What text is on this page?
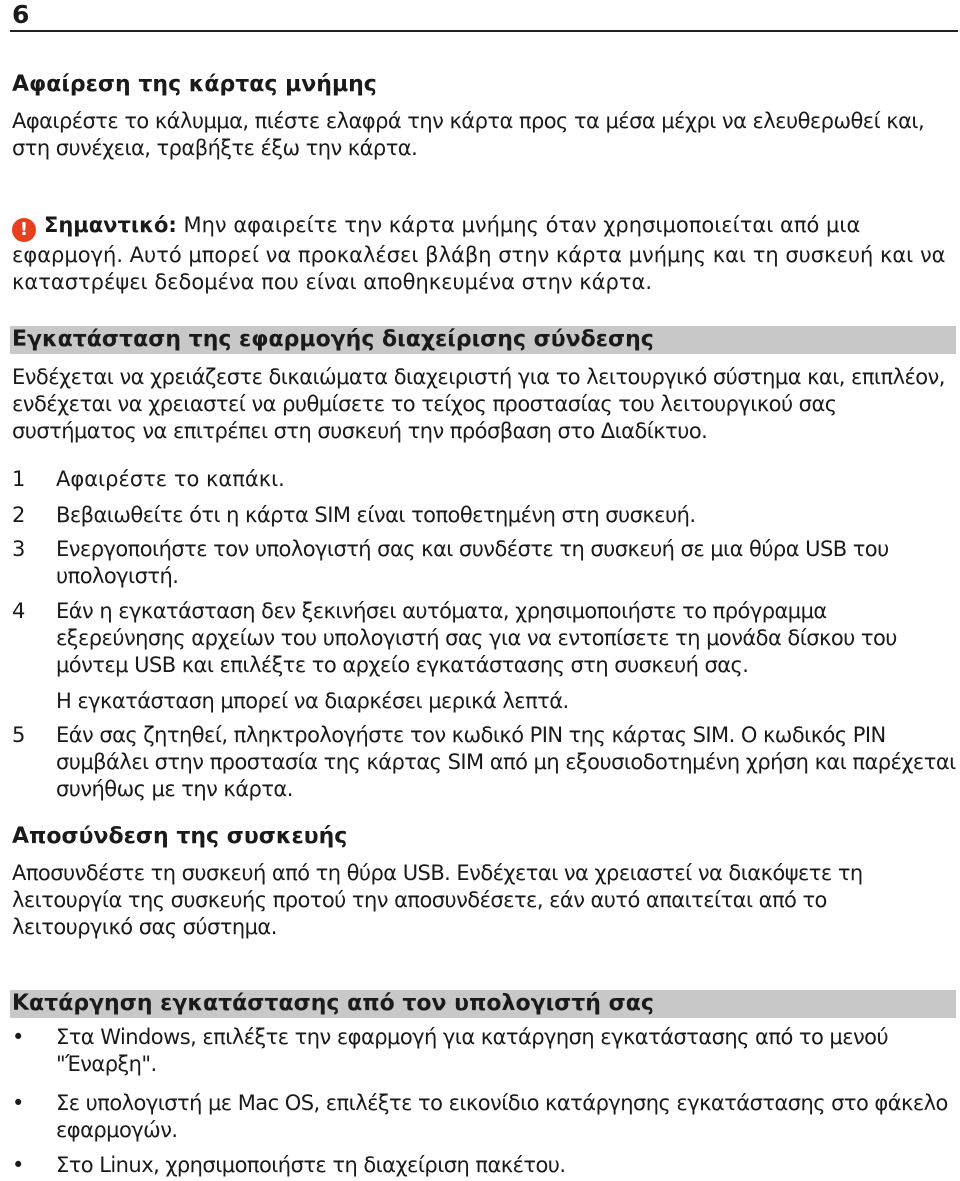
6
Αφαίρεση της κάρτας μνήμης
Αφαιρέστε το κάλυμμα, πιέστε ελαφρά την κάρτα προς τα μέσα μέχρι να ελευθερωθεί και, στη συνέχεια, τραβήξτε έξω την κάρτα.
! Σημαντικό: Μην αφαιρείτε την κάρτα μνήμης όταν χρησιμοποιείται από μια εφαρμογή. Αυτό μπορεί να προκαλέσει βλάβη στην κάρτα μνήμης και τη συσκευή και να καταστρέψει δεδομένα που είναι αποθηκευμένα στην κάρτα.
Εγκατάσταση της εφαρμογής διαχείρισης σύνδεσης
Ενδέχεται να χρειάζεστε δικαιώματα διαχειριστή για το λειτουργικό σύστημα και, επιπλέον, ενδέχεται να χρειαστεί να ρυθμίσετε το τείχος προστασίας του λειτουργικού σας συστήματος να επιτρέπει στη συσκευή την πρόσβαση στο Διαδίκτυο.
1	Αφαιρέστε το καπάκι.
2	Βεβαιωθείτε ότι η κάρτα SIM είναι τοποθετημένη στη συσκευή.
3	Ενεργοποιήστε τον υπολογιστή σας και συνδέστε τη συσκευή σε μια θύρα USB του υπολογιστή.
4	Εάν η εγκατάσταση δεν ξεκινήσει αυτόματα, χρησιμοποιήστε το πρόγραμμα εξερεύνησης αρχείων του υπολογιστή σας για να εντοπίσετε τη μονάδα δίσκου του μόντεμ USB και επιλέξτε το αρχείο εγκατάστασης στη συσκευή σας.
Η εγκατάσταση μπορεί να διαρκέσει μερικά λεπτά.
5	Εάν σας ζητηθεί, πληκτρολογήστε τον κωδικό PIN της κάρτας SIM. Ο κωδικός PIN συμβάλει στην προστασία της κάρτας SIM από μη εξουσιοδοτημένη χρήση και παρέχεται συνήθως με την κάρτα.
Αποσύνδεση της συσκευής
Αποσυνδέστε τη συσκευή από τη θύρα USB. Ενδέχεται να χρειαστεί να διακόψετε τη λειτουργία της συσκευής προτού την αποσυνδέσετε, εάν αυτό απαιτείται από το λειτουργικό σας σύστημα.
Κατάργηση εγκατάστασης από τον υπολογιστή σας
• Στα Windows, επιλέξτε την εφαρμογή για κατάργηση εγκατάστασης από το μενού "Έναρξη".
• Σε υπολογιστή με Mac OS, επιλέξτε το εικονίδιο κατάργησης εγκατάστασης στο φάκελο εφαρμογών.
• Στο Linux, χρησιμοποιήστε τη διαχείριση πακέτου.
